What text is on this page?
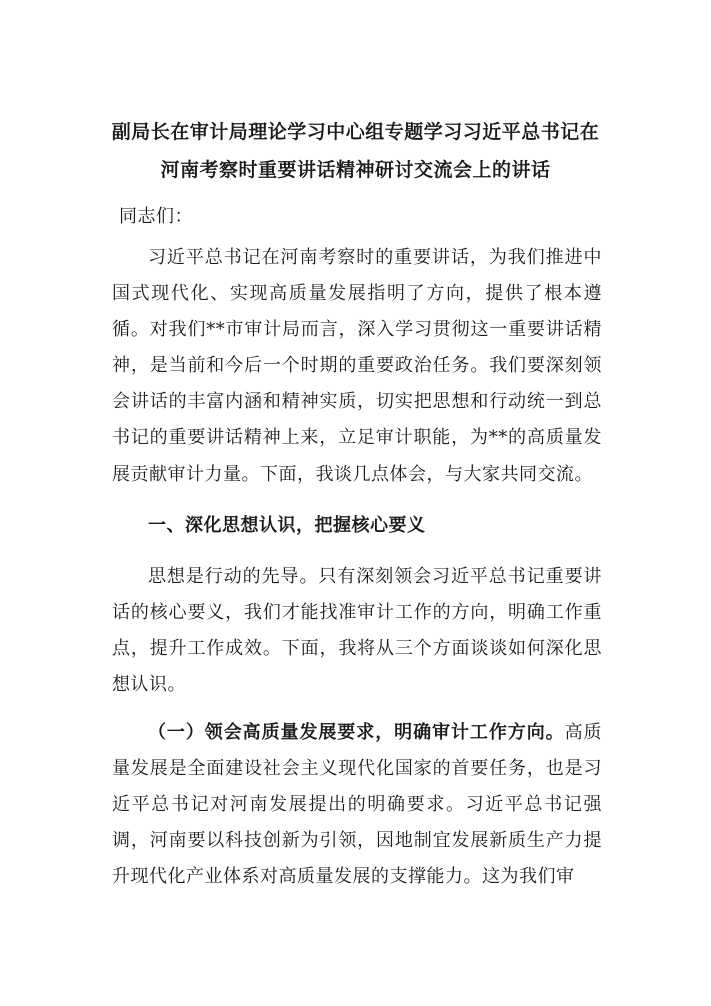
副局长在审计局理论学习中心组专题学习习近平总书记在
河南考察时重要讲话精神研讨交流会上的讲话
同志们：

习近平总书记在河南考察时的重要讲话，为我们推进中国式现代化、实现高质量发展指明了方向，提供了根本遵循。对我们**市审计局而言，深入学习贯彻这一重要讲话精神，是当前和今后一个时期的重要政治任务。我们要深刻领会讲话的丰富内涵和精神实质，切实把思想和行动统一到总书记的重要讲话精神上来，立足审计职能，为**的高质量发展贡献审计力量。下面，我谈几点体会，与大家共同交流。

一、深化思想认识，把握核心要义

思想是行动的先导。只有深刻领会习近平总书记重要讲话的核心要义，我们才能找准审计工作的方向，明确工作重点，提升工作成效。下面，我将从三个方面谈谈如何深化思想认识。

（一）领会高质量发展要求，明确审计工作方向。高质量发展是全面建设社会主义现代化国家的首要任务，也是习近平总书记对河南发展提出的明确要求。习近平总书记强调，河南要以科技创新为引领，因地制宜发展新质生产力提升现代化产业体系对高质量发展的支撑能力。这为我们审
